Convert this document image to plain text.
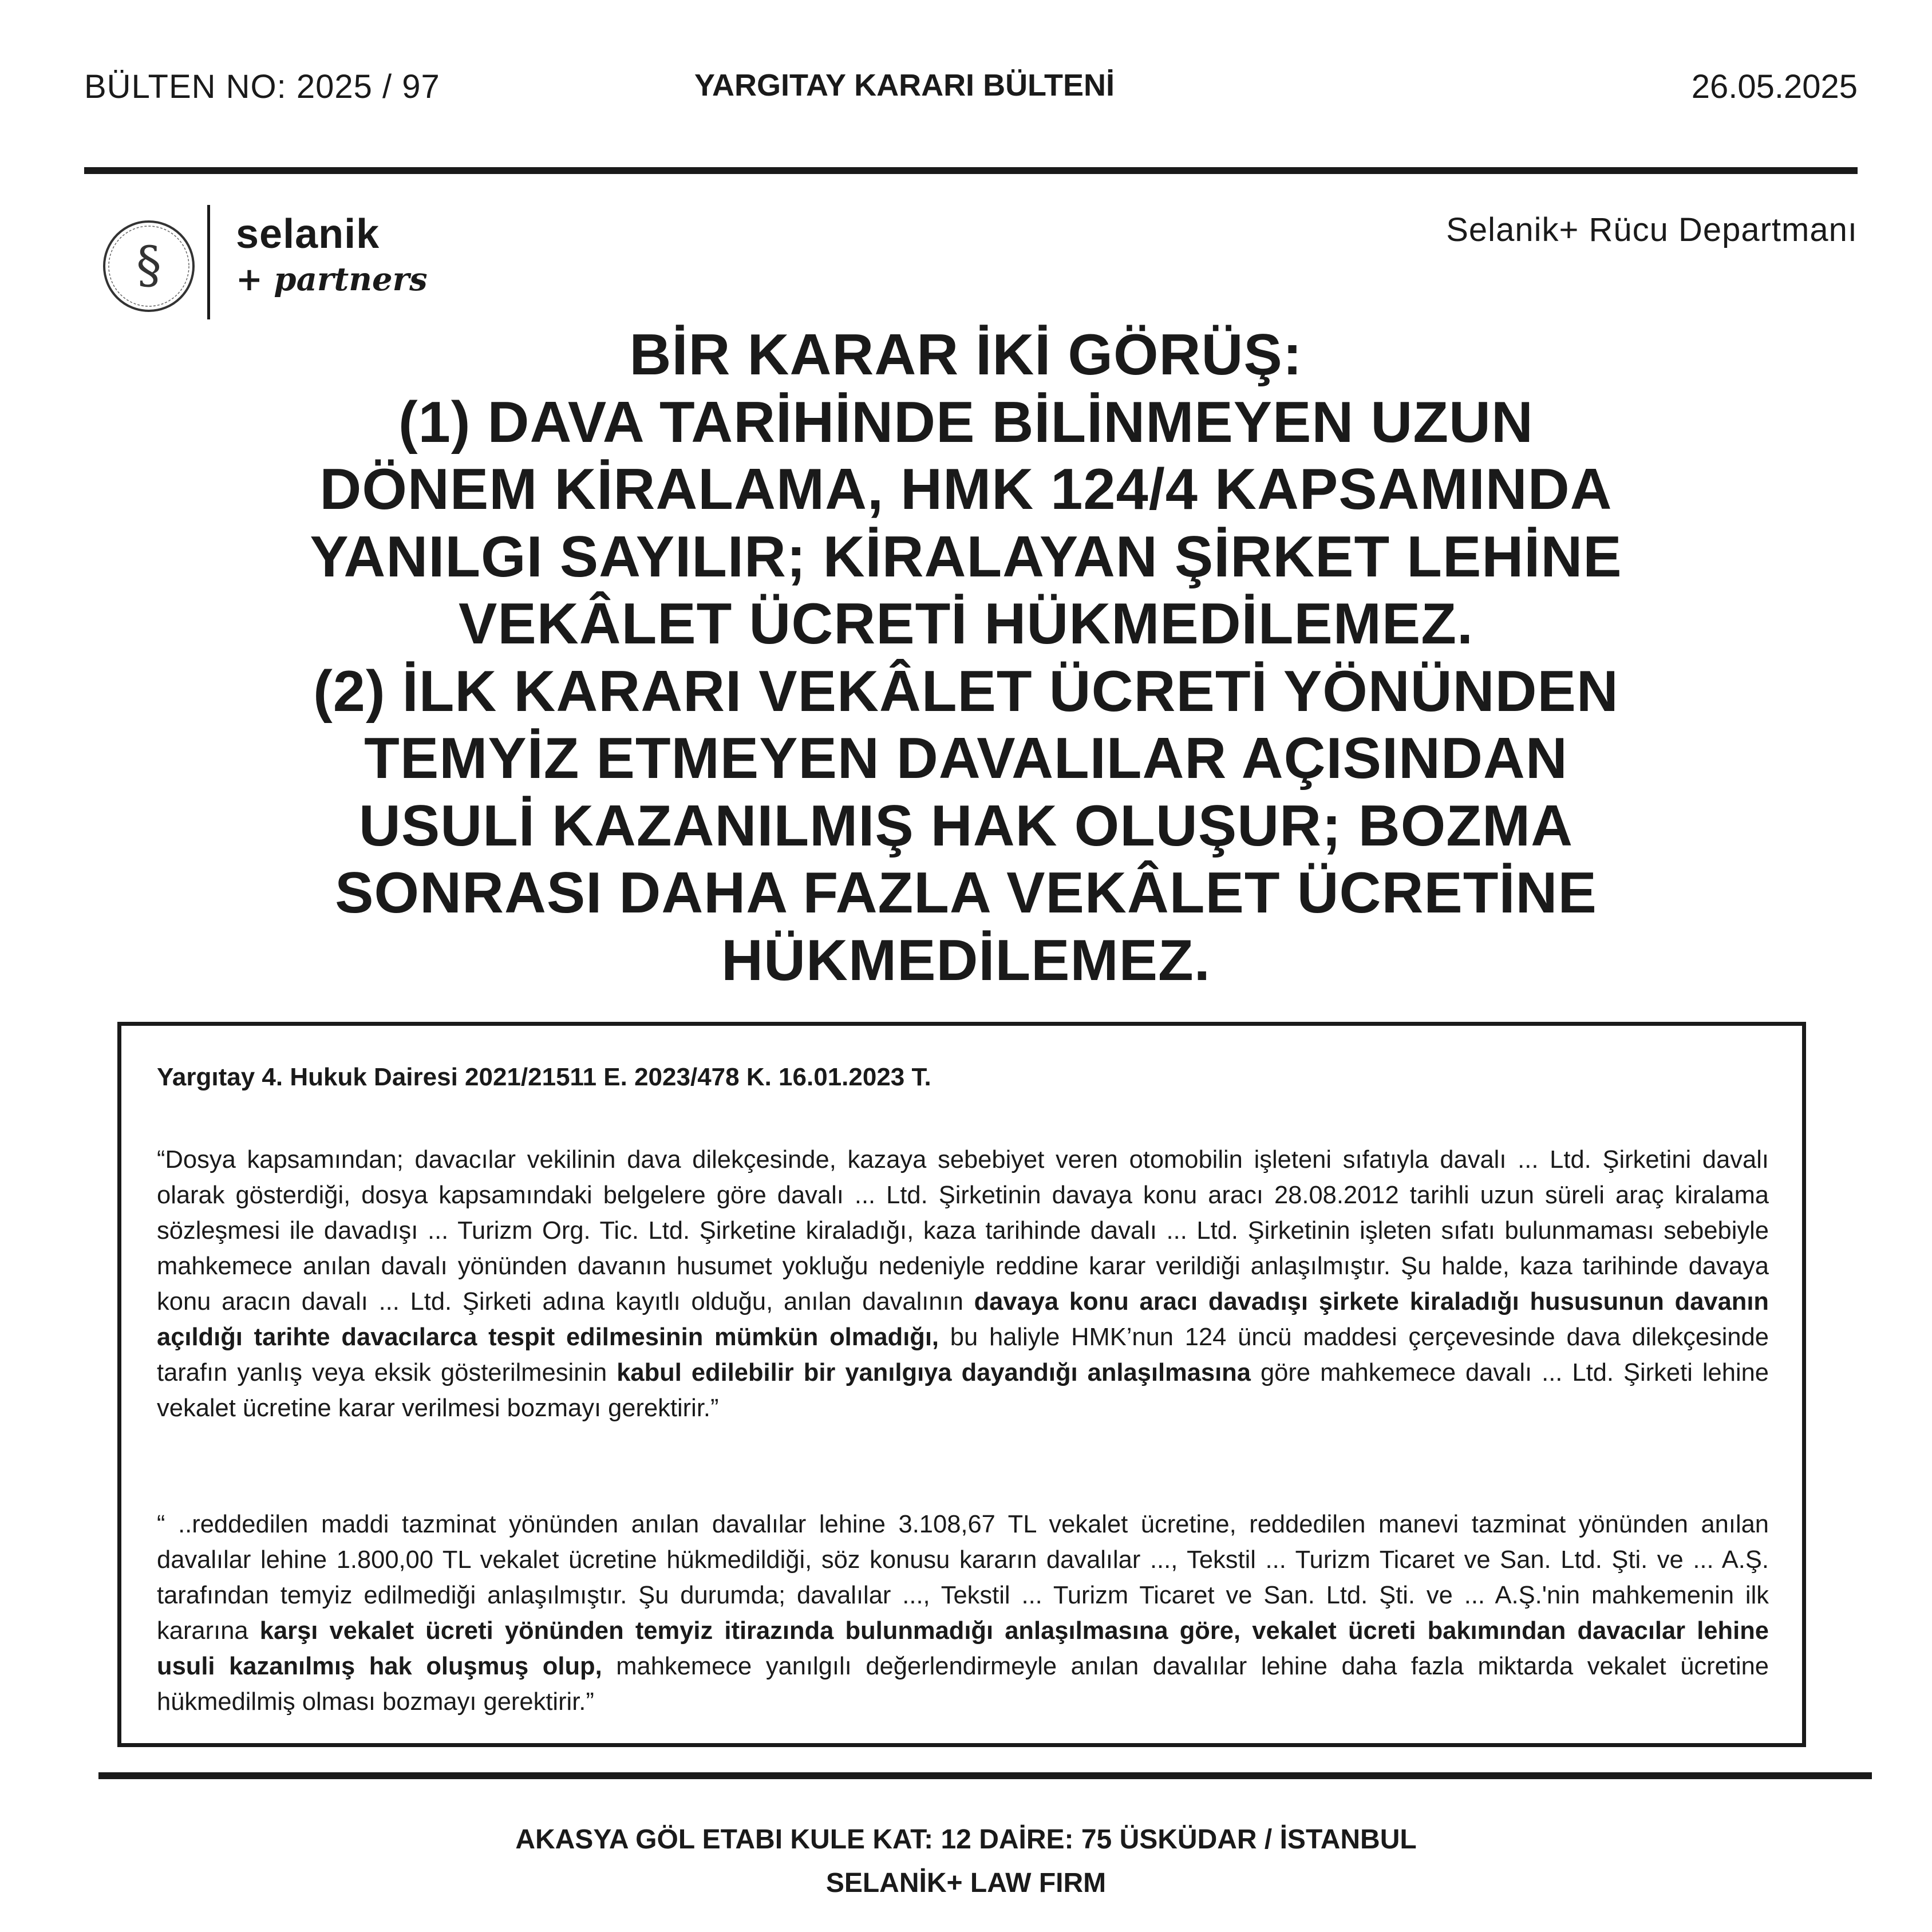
BÜLTEN NO: 2025 / 97	YARGITAY KARARI BÜLTENİ	26.05.2025
§
selanik
+ partners
Selanik+ Rücu Departmanı
BİR KARAR İKİ GÖRÜŞ:
(1) DAVA TARİHİNDE BİLİNMEYEN UZUN
DÖNEM KİRALAMA, HMK 124/4 KAPSAMINDA
YANILGI SAYILIR; KİRALAYAN ŞİRKET LEHİNE
VEKÂLET ÜCRETİ HÜKMEDİLEMEZ.
(2) İLK KARARI VEKÂLET ÜCRETİ YÖNÜNDEN
TEMYİZ ETMEYEN DAVALILAR AÇISINDAN
USULİ KAZANILMIŞ HAK OLUŞUR; BOZMA
SONRASI DAHA FAZLA VEKÂLET ÜCRETİNE
HÜKMEDİLEMEZ.
Yargıtay 4. Hukuk Dairesi 2021/21511 E. 2023/478 K. 16.01.2023 T.
“Dosya kapsamından; davacılar vekilinin dava dilekçesinde, kazaya sebebiyet veren otomobilin işleteni sıfatıyla davalı ... Ltd. Şirketini davalı olarak gösterdiği, dosya kapsamındaki belgelere göre davalı ... Ltd. Şirketinin davaya konu aracı 28.08.2012 tarihli uzun süreli araç kiralama sözleşmesi ile davadışı ... Turizm Org. Tic. Ltd. Şirketine kiraladığı, kaza tarihinde davalı ... Ltd. Şirketinin işleten sıfatı bulunmaması sebebiyle mahkemece anılan davalı yönünden davanın husumet yokluğu nedeniyle reddine karar verildiği anlaşılmıştır. Şu halde, kaza tarihinde davaya konu aracın davalı ... Ltd. Şirketi adına kayıtlı olduğu, anılan davalının davaya konu aracı davadışı şirkete kiraladığı hususunun davanın açıldığı tarihte davacılarca tespit edilmesinin mümkün olmadığı, bu haliyle HMK’nun 124 üncü maddesi çerçevesinde dava dilekçesinde tarafın yanlış veya eksik gösterilmesinin kabul edilebilir bir yanılgıya dayandığı anlaşılmasına göre mahkemece davalı ... Ltd. Şirketi lehine vekalet ücretine karar verilmesi bozmayı gerektirir.”
“ ..reddedilen maddi tazminat yönünden anılan davalılar lehine 3.108,67 TL vekalet ücretine, reddedilen manevi tazminat yönünden anılan davalılar lehine 1.800,00 TL vekalet ücretine hükmedildiği, söz konusu kararın davalılar ..., Tekstil ... Turizm Ticaret ve San. Ltd. Şti. ve ... A.Ş. tarafından temyiz edilmediği anlaşılmıştır. Şu durumda; davalılar ..., Tekstil ... Turizm Ticaret ve San. Ltd. Şti. ve ... A.Ş.'nin mahkemenin ilk kararına karşı vekalet ücreti yönünden temyiz itirazında bulunmadığı anlaşılmasına göre, vekalet ücreti bakımından davacılar lehine usuli kazanılmış hak oluşmuş olup, mahkemece yanılgılı değerlendirmeyle anılan davalılar lehine daha fazla miktarda vekalet ücretine hükmedilmiş olması bozmayı gerektirir.”
AKASYA GÖL ETABI KULE KAT: 12 DAİRE: 75 ÜSKÜDAR / İSTANBUL
SELANİK+ LAW FIRM
